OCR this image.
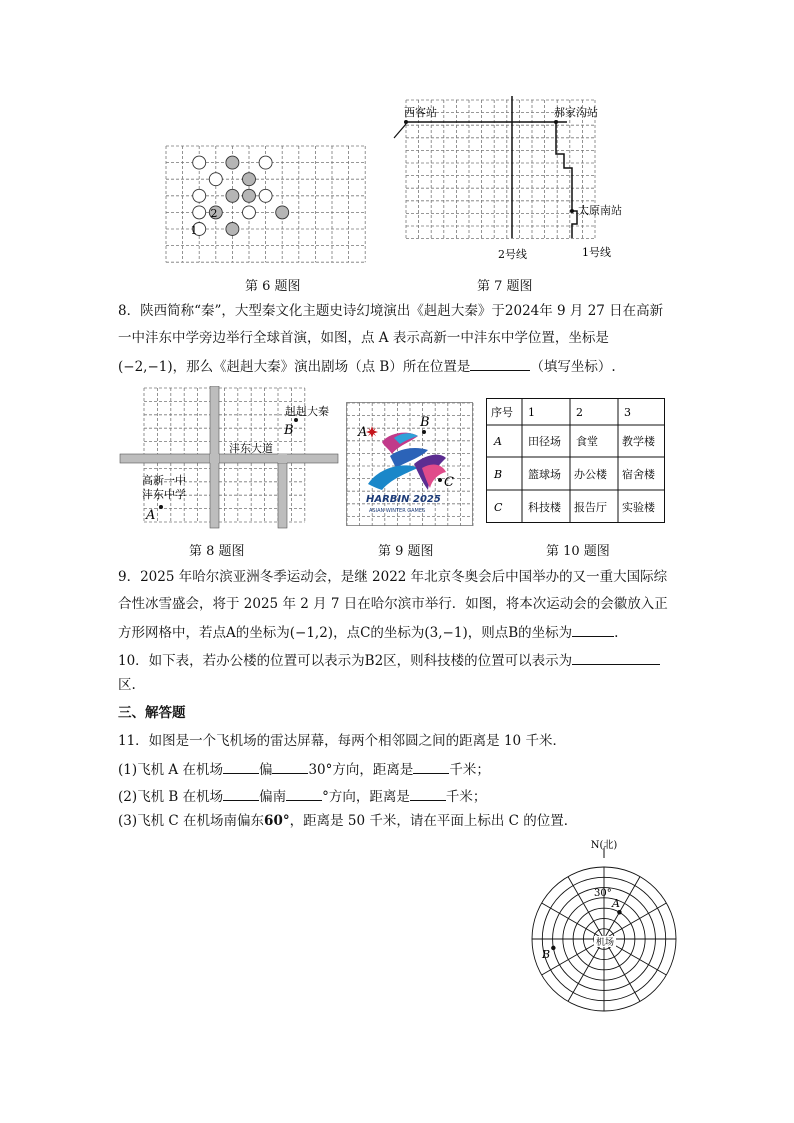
1
2
第 6 题图
西客站	郝家沟站
太原南站
2号线	1号线
第 7 题图
8．陕西简称“秦”，大型秦文化主题史诗幻境演出《赳赳大秦》于2024年 9 月 27 日在高新
一中沣东中学旁边举行全球首演，如图，点 A 表示高新一中沣东中学位置，坐标是
(−2,−1)，那么《赳赳大秦》演出剧场（点 B）所在位置是	（填写坐标）.
赳赳大秦
B
沣东大道
高新一中
沣东中学
A
第 8 题图
A
B
C
HARBIN 2025
ASIAN WINTER GAMES
第 9 题图
序号 1	2	3
A 田径场 食堂 教学楼
B 篮球场 办公楼 宿舍楼
C 科技楼 报告厅 实验楼
第 10 题图
9．2025 年哈尔滨亚洲冬季运动会，是继 2022 年北京冬奥会后中国举办的又一重大国际综
合性冰雪盛会，将于 2025 年 2 月 7 日在哈尔滨市举行．如图，将本次运动会的会徽放入正
方形网格中，若点A的坐标为(−1,2)，点C的坐标为(3,−1)，则点B的坐标为	.
10．如下表，若办公楼的位置可以表示为B2区，则科技楼的位置可以表示为
区.
三、解答题
11．如图是一个飞机场的雷达屏幕，每两个相邻圆之间的距离是 10 千米．
(1)飞机 A 在机场	偏	30°方向，距离是	千米；
(2)飞机 B 在机场	偏南	°方向，距离是	千米；
(3)飞机 C 在机场南偏东60°，距离是 50 千米，请在平面上标出 C 的位置．
N(北)
30°
A
B
机场
